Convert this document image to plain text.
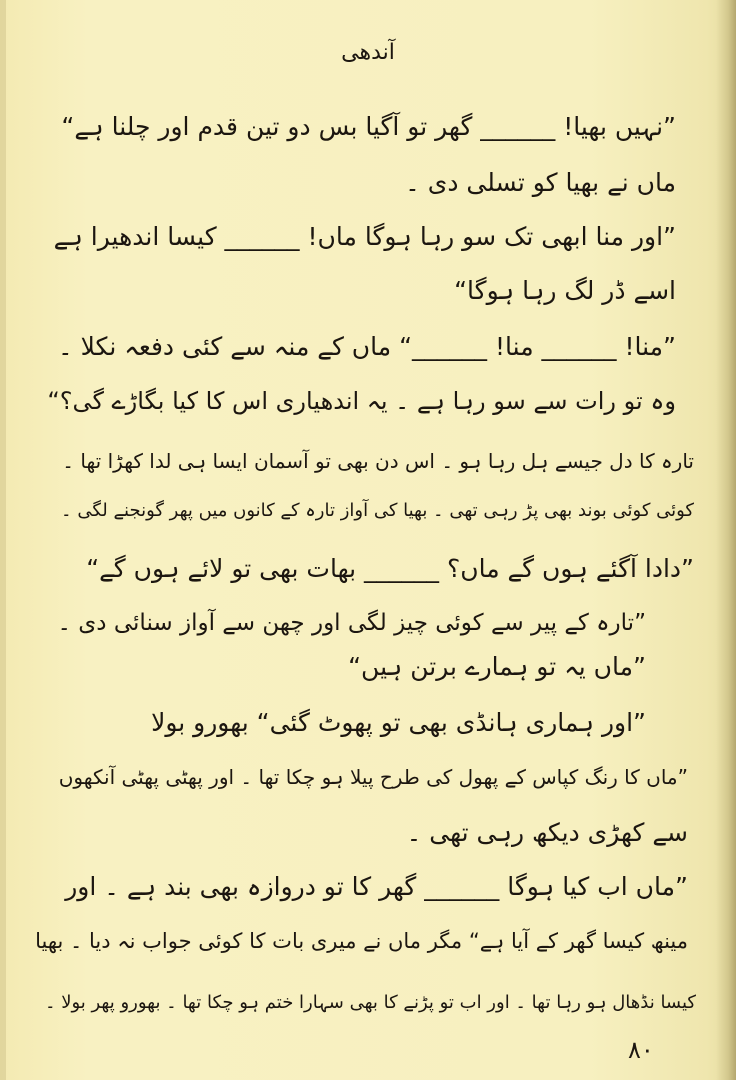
آندھی
”نہیں بھیا! ______ گھر تو آگیا بس دو تین قدم اور چلنا ہے“
ماں نے بھیا کو تسلی دی ۔
”اور منا ابھی تک سو رہا ہوگا ماں! ______ کیسا اندھیرا ہے
اسے ڈر لگ رہا ہوگا“
”منا! ______ منا! ______“ ماں کے منہ سے کئی دفعہ نکلا ۔
وہ تو رات سے سو رہا ہے ۔ یہ اندھیاری اس کا کیا بگاڑے گی؟“
تارہ کا دل جیسے ہل رہا ہو ۔ اس دن بھی تو آسمان ایسا ہی لدا کھڑا تھا ۔
کوئی کوئی بوند بھی پڑ رہی تھی ۔ بھیا کی آواز تارہ کے کانوں میں پھر گونجنے لگی ۔
”دادا آگئے ہوں گے ماں؟ ______ بھات بھی تو لائے ہوں گے“
”تارہ کے پیر سے کوئی چیز لگی اور چھن سے آواز سنائی دی ۔
”ماں یہ تو ہمارے برتن ہیں“
”اور ہماری ہانڈی بھی تو پھوٹ گئی“ بھورو بولا
”ماں کا رنگ کپاس کے پھول کی طرح پیلا ہو چکا تھا ۔ اور پھٹی پھٹی آنکھوں
سے کھڑی دیکھ رہی تھی ۔
”ماں اب کیا ہوگا ______ گھر کا تو دروازہ بھی بند ہے ۔ اور
مینھ کیسا گھر کے آیا ہے“ مگر ماں نے میری بات کا کوئی جواب نہ دیا ۔ بھیا
کیسا نڈھال ہو رہا تھا ۔ اور اب تو پڑنے کا بھی سہارا ختم ہو چکا تھا ۔ بھورو پھر بولا ۔
۸۰
